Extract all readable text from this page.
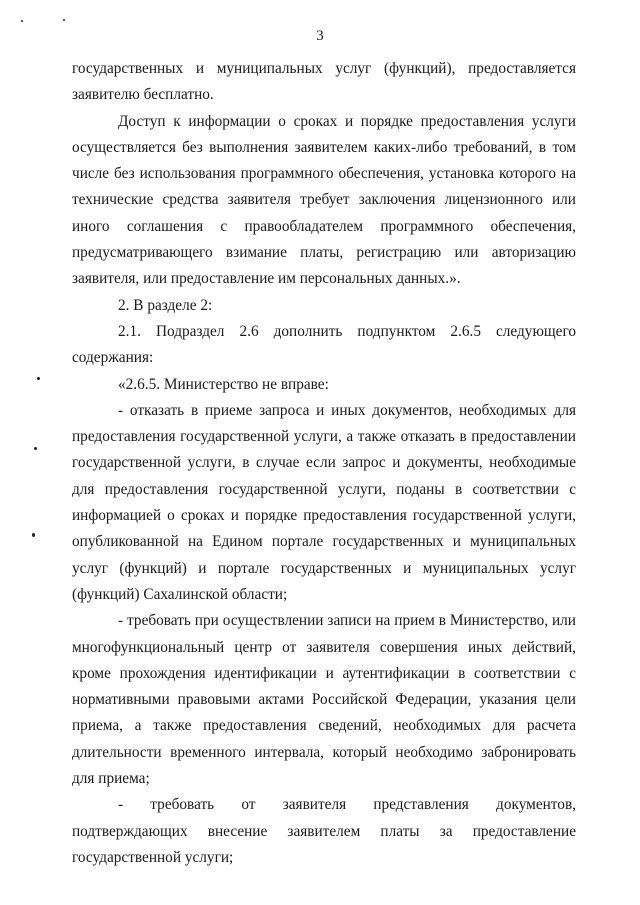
3

государственных и муниципальных услуг (функций), предоставляется заявителю бесплатно.

Доступ к информации о сроках и порядке предоставления услуги осуществляется без выполнения заявителем каких-либо требований, в том числе без использования программного обеспечения, установка которого на технические средства заявителя требует заключения лицензионного или иного соглашения с правообладателем программного обеспечения, предусматривающего взимание платы, регистрацию или авторизацию заявителя, или предоставление им персональных данных.».

2. В разделе 2:

2.1. Подраздел 2.6 дополнить подпунктом 2.6.5 следующего содержания:

«2.6.5. Министерство не вправе:

- отказать в приеме запроса и иных документов, необходимых для предоставления государственной услуги, а также отказать в предоставлении государственной услуги, в случае если запрос и документы, необходимые для предоставления государственной услуги, поданы в соответствии с информацией о сроках и порядке предоставления государственной услуги, опубликованной на Едином портале государственных и муниципальных услуг (функций) и портале государственных и муниципальных услуг (функций) Сахалинской области;

- требовать при осуществлении записи на прием в Министерство, или многофункциональный центр от заявителя совершения иных действий, кроме прохождения идентификации и аутентификации в соответствии с нормативными правовыми актами Российской Федерации, указания цели приема, а также предоставления сведений, необходимых для расчета длительности временного интервала, который необходимо забронировать для приема;

- требовать от заявителя представления документов, подтверждающих внесение заявителем платы за предоставление государственной услуги;
